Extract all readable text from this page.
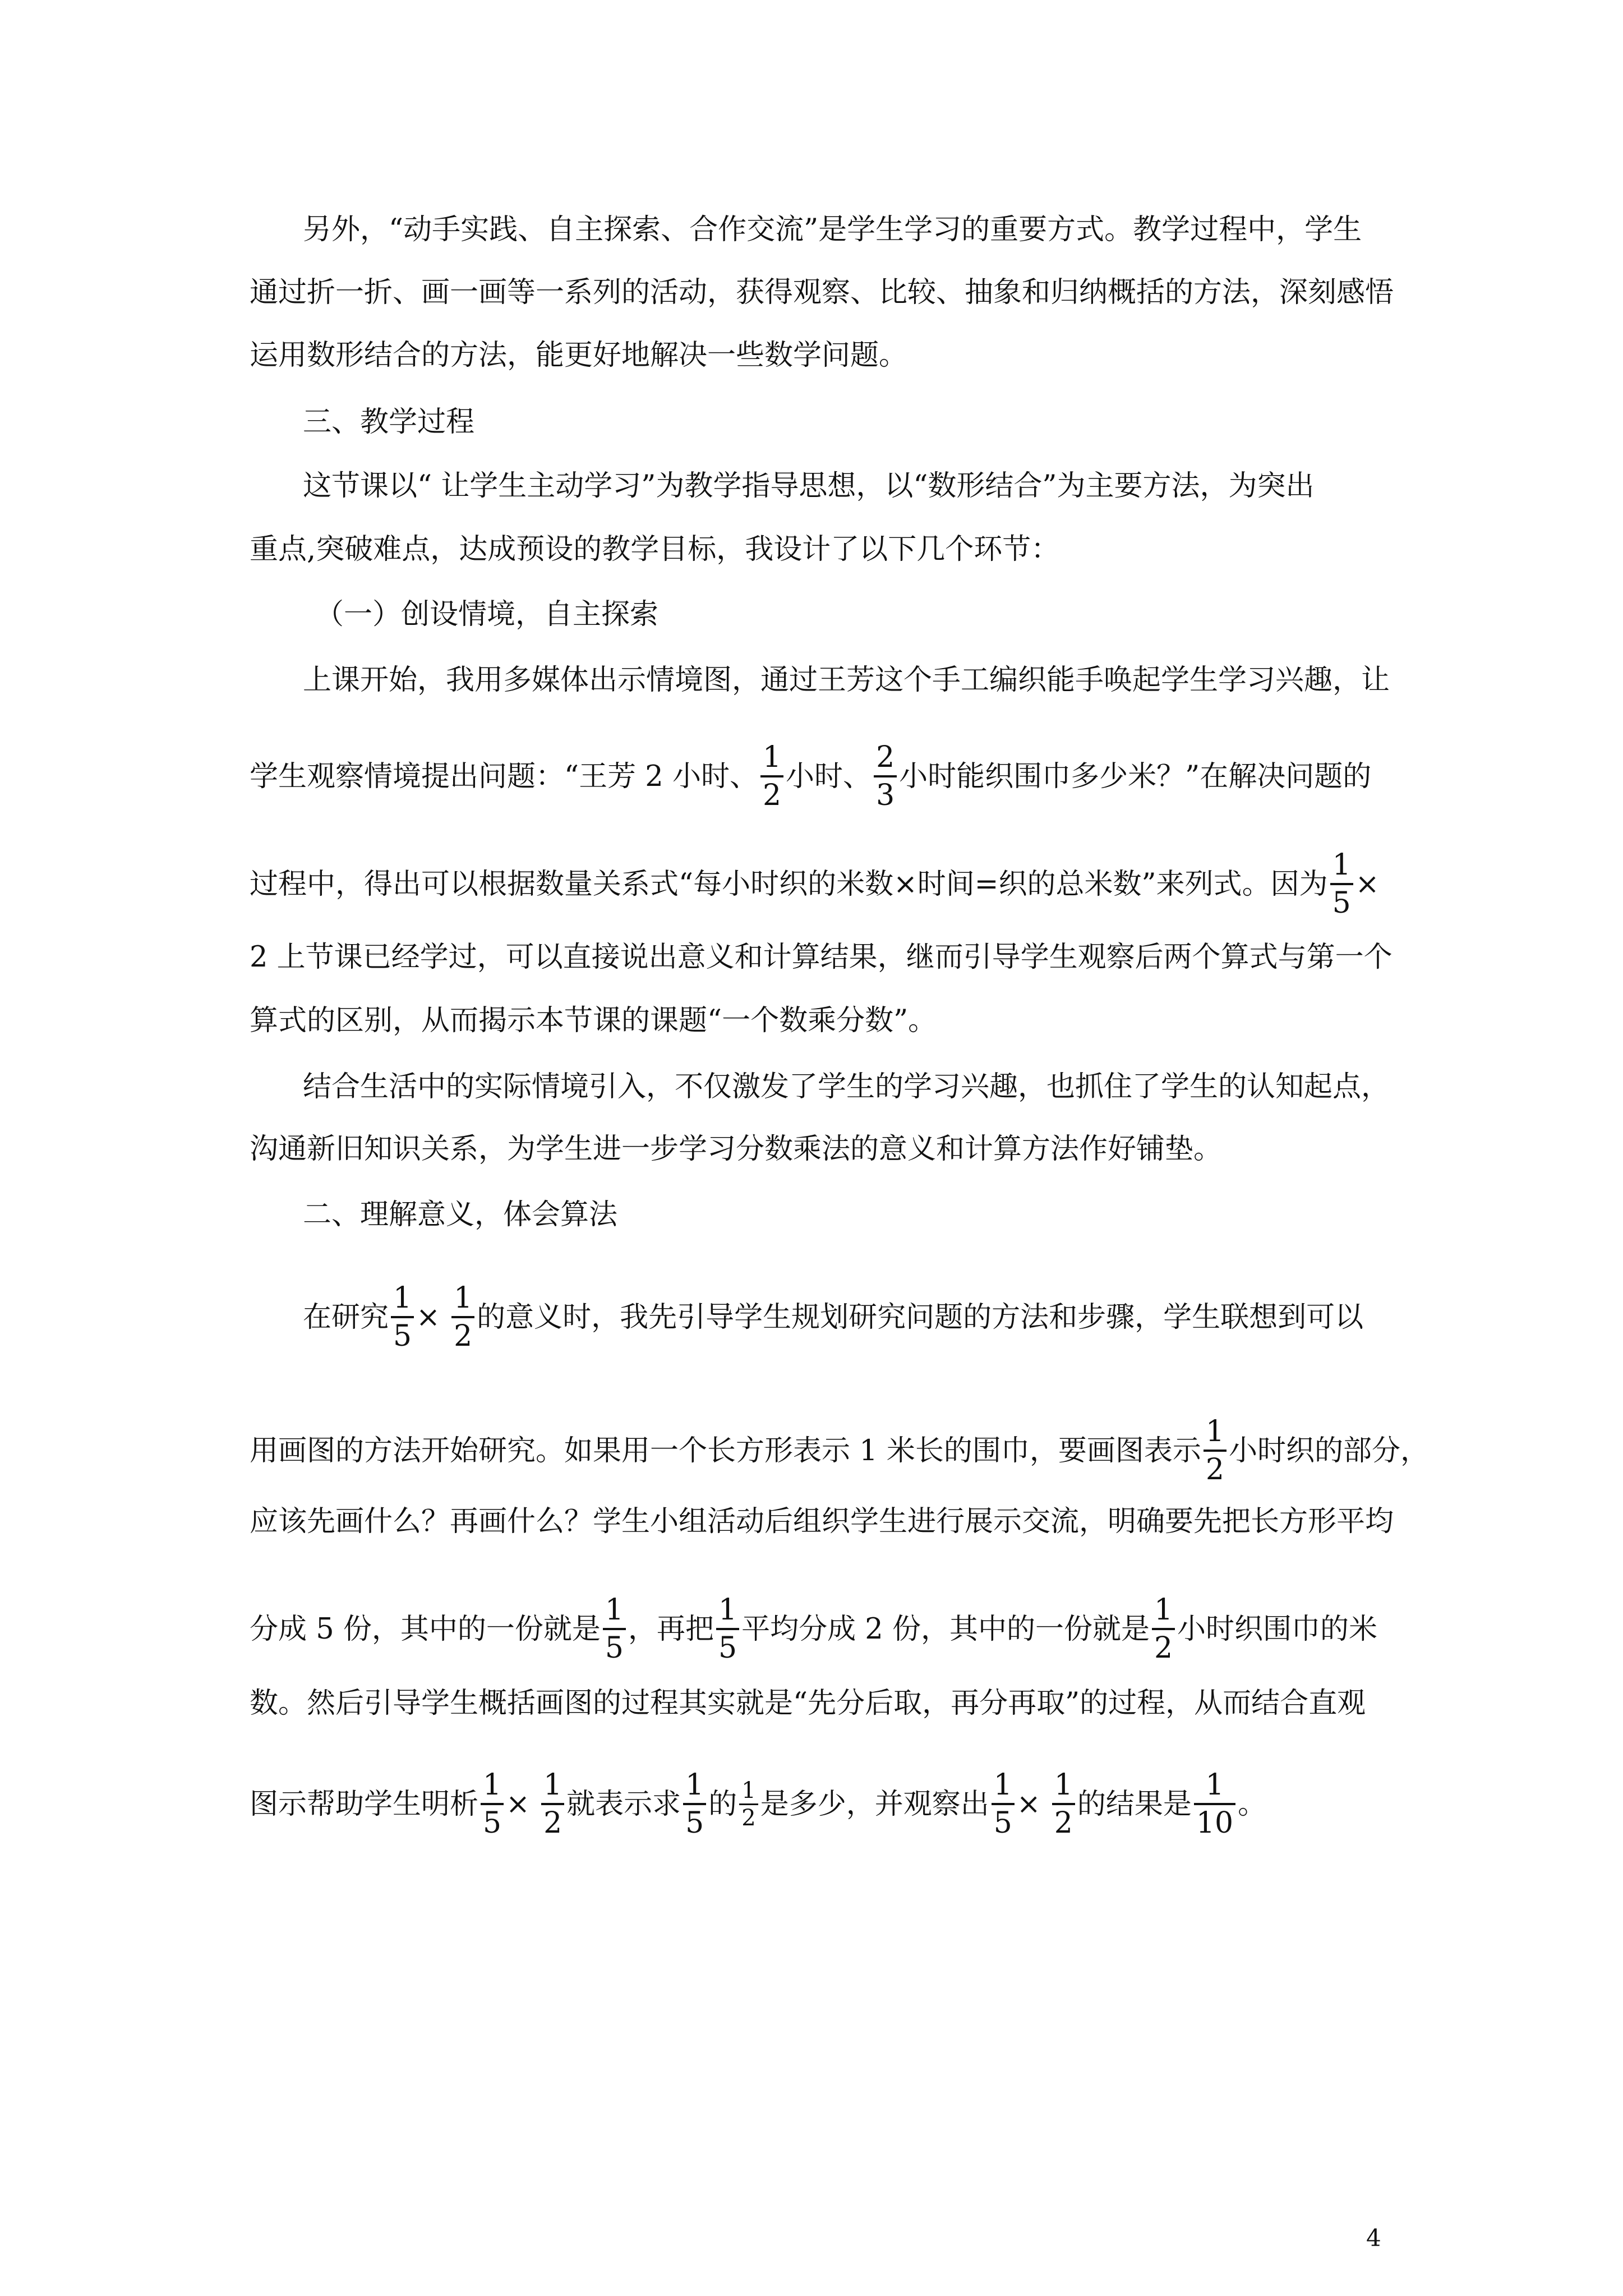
另外，“动手实践、自主探索、合作交流”是学生学习的重要方式。教学过程中，学生
通过折一折、画一画等一系列的活动，获得观察、比较、抽象和归纳概括的方法，深刻感悟
运用数形结合的方法，能更好地解决一些数学问题。
三、教学过程
这节课以“ 让学生主动学习”为教学指导思想，以“数形结合”为主要方法，为突出
重点,突破难点，达成预设的教学目标，我设计了以下几个环节：
（一）创设情境，自主探索
上课开始，我用多媒体出示情境图，通过王芳这个手工编织能手唤起学生学习兴趣，让
学生观察情境提出问题：“王芳 2 小时、 $\frac{1}{2}$ 小时、 $\frac{2}{3}$ 小时能织围巾多少米？”在解决问题的
过程中，得出可以根据数量关系式“每小时织的米数×时间=织的总米数”来列式。因为 $\frac{1}{5}$ ×
2 上节课已经学过，可以直接说出意义和计算结果，继而引导学生观察后两个算式与第一个
算式的区别，从而揭示本节课的课题“一个数乘分数”。
结合生活中的实际情境引入，不仅激发了学生的学习兴趣，也抓住了学生的认知起点，
沟通新旧知识关系，为学生进一步学习分数乘法的意义和计算方法作好铺垫。
二、理解意义，体会算法
在研究 $\frac{1}{5} \times \frac{1}{2}$ 的意义时，我先引导学生规划研究问题的方法和步骤，学生联想到可以
用画图的方法开始研究。如果用一个长方形表示 1 米长的围巾，要画图表示 $\frac{1}{2}$ 小时织的部分，
应该先画什么？再画什么？学生小组活动后组织学生进行展示交流，明确要先把长方形平均
分成 5 份，其中的一份就是 $\frac{1}{5}$ ，再把 $\frac{1}{5}$ 平均分成 2 份，其中的一份就是 $\frac{1}{2}$ 小时织围巾的米
数。然后引导学生概括画图的过程其实就是“先分后取，再分再取”的过程，从而结合直观
图示帮助学生明析 $\frac{1}{5} \times \frac{1}{2}$ 就表示求 $\frac{1}{5}$ 的 $\frac{1}{2}$ 是多少，并观察出 $\frac{1}{5} \times \frac{1}{2}$ 的结果是 $\frac{1}{10}$ 。
4
